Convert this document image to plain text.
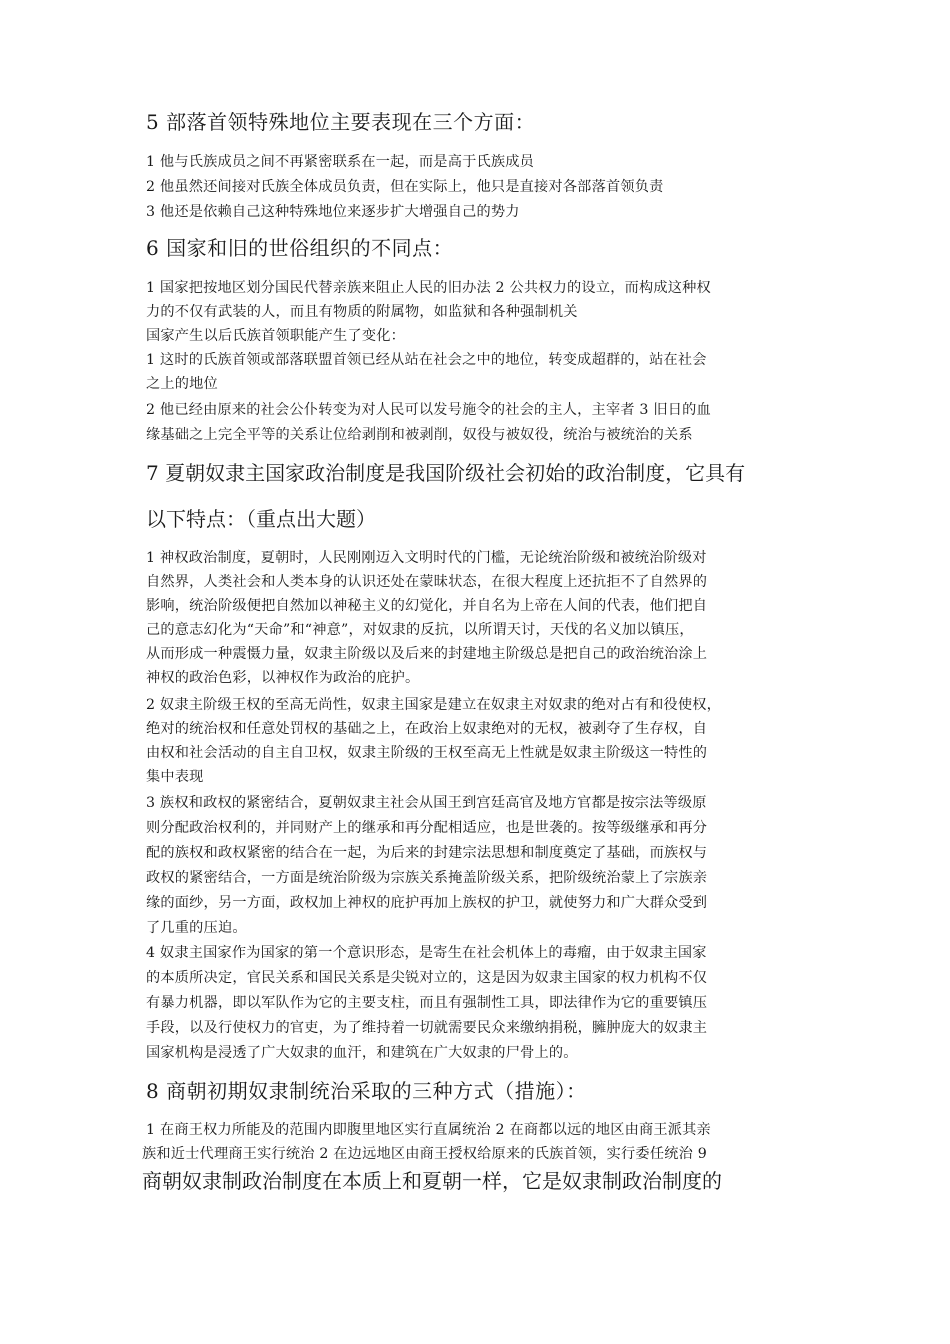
5 部落首领特殊地位主要表现在三个方面：
1 他与氏族成员之间不再紧密联系在一起，而是高于氏族成员
2 他虽然还间接对氏族全体成员负责，但在实际上，他只是直接对各部落首领负责
3 他还是依赖自己这种特殊地位来逐步扩大增强自己的势力
6 国家和旧的世俗组织的不同点：
1 国家把按地区划分国民代替亲族来阻止人民的旧办法 2 公共权力的设立，而构成这种权
力的不仅有武装的人，而且有物质的附属物，如监狱和各种强制机关
国家产生以后氏族首领职能产生了变化：
1 这时的氏族首领或部落联盟首领已经从站在社会之中的地位，转变成超群的，站在社会
之上的地位
2 他已经由原来的社会公仆转变为对人民可以发号施令的社会的主人，主宰者 3 旧日的血
缘基础之上完全平等的关系让位给剥削和被剥削，奴役与被奴役，统治与被统治的关系
7 夏朝奴隶主国家政治制度是我国阶级社会初始的政治制度，它具有
以下特点：（重点出大题）
1 神权政治制度，夏朝时，人民刚刚迈入文明时代的门槛，无论统治阶级和被统治阶级对
自然界，人类社会和人类本身的认识还处在蒙昧状态，在很大程度上还抗拒不了自然界的
影响，统治阶级便把自然加以神秘主义的幻觉化，并自名为上帝在人间的代表，他们把自
己的意志幻化为“天命”和“神意”，对奴隶的反抗，以所谓天讨，天伐的名义加以镇压，
从而形成一种震慑力量，奴隶主阶级以及后来的封建地主阶级总是把自己的政治统治涂上
神权的政治色彩，以神权作为政治的庇护。
2 奴隶主阶级王权的至高无尚性，奴隶主国家是建立在奴隶主对奴隶的绝对占有和役使权，
绝对的统治权和任意处罚权的基础之上，在政治上奴隶绝对的无权，被剥夺了生存权，自
由权和社会活动的自主自卫权，奴隶主阶级的王权至高无上性就是奴隶主阶级这一特性的
集中表现
3 族权和政权的紧密结合，夏朝奴隶主社会从国王到宫廷高官及地方官都是按宗法等级原
则分配政治权利的，并同财产上的继承和再分配相适应，也是世袭的。按等级继承和再分
配的族权和政权紧密的结合在一起，为后来的封建宗法思想和制度奠定了基础，而族权与
政权的紧密结合，一方面是统治阶级为宗族关系掩盖阶级关系，把阶级统治蒙上了宗族亲
缘的面纱，另一方面，政权加上神权的庇护再加上族权的护卫，就使努力和广大群众受到
了几重的压迫。
4 奴隶主国家作为国家的第一个意识形态，是寄生在社会机体上的毒瘤，由于奴隶主国家
的本质所决定，官民关系和国民关系是尖锐对立的，这是因为奴隶主国家的权力机构不仅
有暴力机器，即以军队作为它的主要支柱，而且有强制性工具，即法律作为它的重要镇压
手段，以及行使权力的官吏，为了维持着一切就需要民众来缴纳捐税，臃肿庞大的奴隶主
国家机构是浸透了广大奴隶的血汗，和建筑在广大奴隶的尸骨上的。
8 商朝初期奴隶制统治采取的三种方式（措施）：
1 在商王权力所能及的范围内即腹里地区实行直属统治 2 在商都以远的地区由商王派其亲
族和近士代理商王实行统治 2 在边远地区由商王授权给原来的氏族首领，实行委任统治 9
商朝奴隶制政治制度在本质上和夏朝一样，它是奴隶制政治制度的
